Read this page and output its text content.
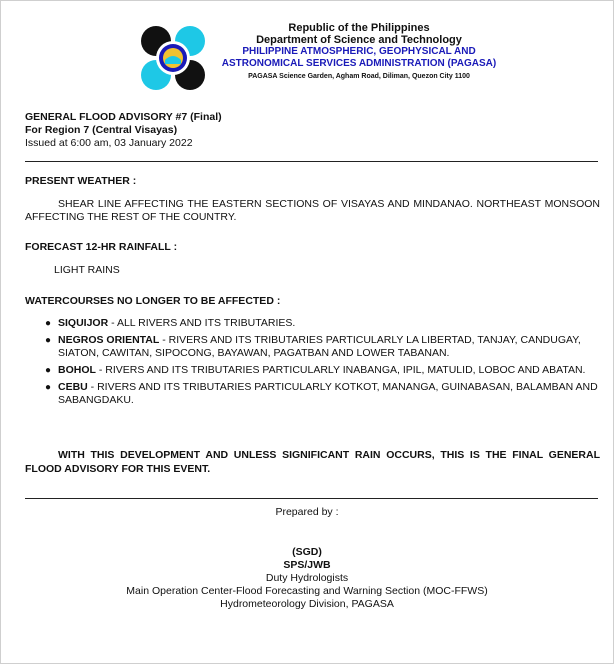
Republic of the Philippines
Department of Science and Technology
PHILIPPINE ATMOSPHERIC, GEOPHYSICAL AND
ASTRONOMICAL SERVICES ADMINISTRATION (PAGASA)
PAGASA Science Garden, Agham Road, Diliman, Quezon City 1100
GENERAL FLOOD ADVISORY #7 (Final)
For Region 7 (Central Visayas)
Issued at 6:00 am, 03 January 2022
PRESENT WEATHER :
SHEAR LINE AFFECTING THE EASTERN SECTIONS OF VISAYAS AND MINDANAO. NORTHEAST MONSOON AFFECTING THE REST OF THE COUNTRY.
FORECAST 12-HR RAINFALL :
LIGHT RAINS
WATERCOURSES NO LONGER TO BE AFFECTED :
● SIQUIJOR - ALL RIVERS AND ITS TRIBUTARIES.
● NEGROS ORIENTAL - RIVERS AND ITS TRIBUTARIES PARTICULARLY LA LIBERTAD, TANJAY, CANDUGAY, SIATON, CAWITAN, SIPOCONG, BAYAWAN, PAGATBAN AND LOWER TABANAN.
● BOHOL - RIVERS AND ITS TRIBUTARIES PARTICULARLY INABANGA, IPIL, MATULID, LOBOC AND ABATAN.
● CEBU - RIVERS AND ITS TRIBUTARIES PARTICULARLY KOTKOT, MANANGA, GUINABASAN, BALAMBAN AND SABANGDAKU.
WITH THIS DEVELOPMENT AND UNLESS SIGNIFICANT RAIN OCCURS, THIS IS THE FINAL GENERAL FLOOD ADVISORY FOR THIS EVENT.
Prepared by :
(SGD)
SPS/JWB
Duty Hydrologists
Main Operation Center-Flood Forecasting and Warning Section (MOC-FFWS)
Hydrometeorology Division, PAGASA
